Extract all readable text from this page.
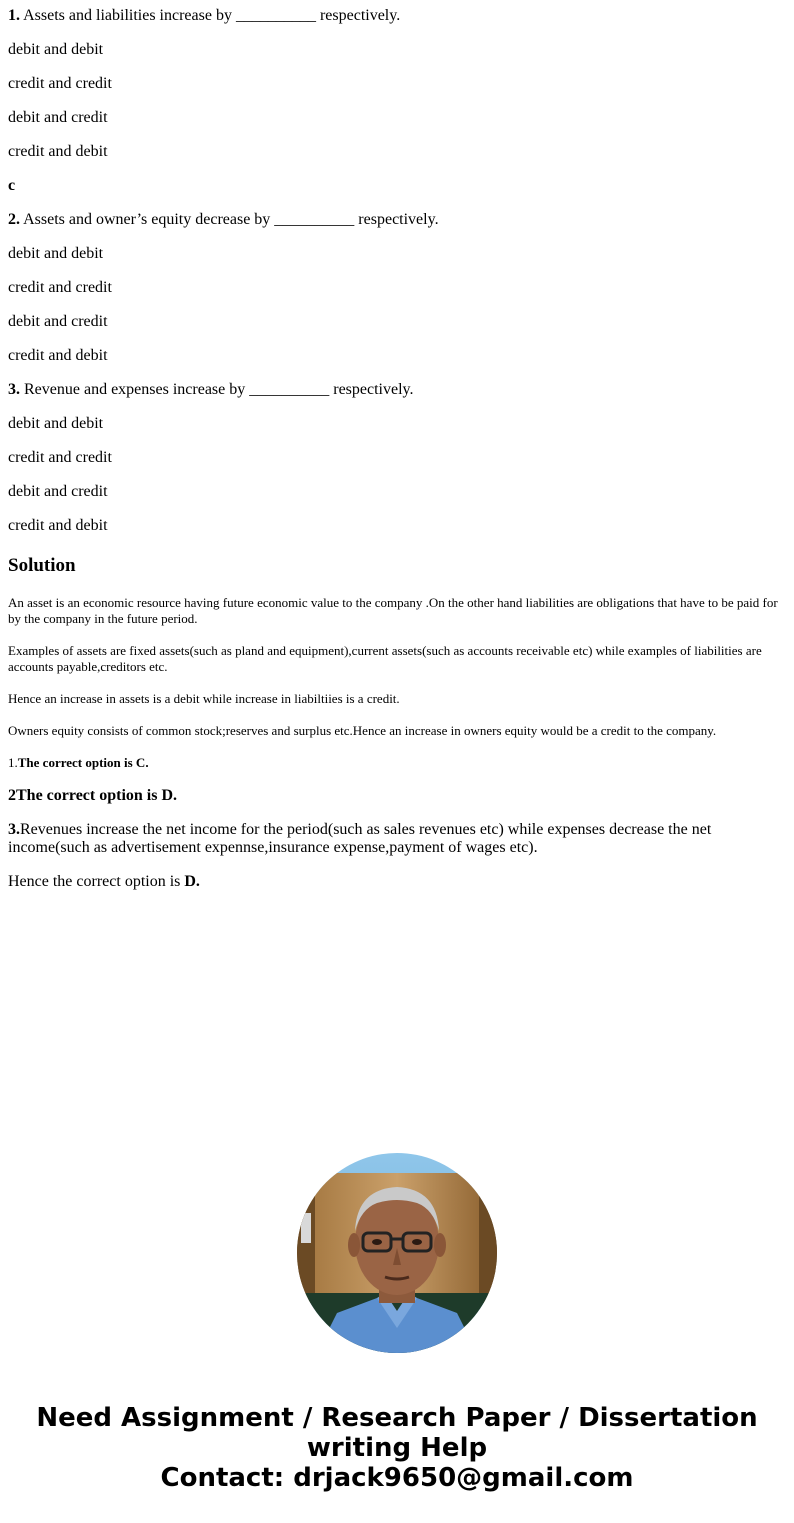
1. Assets and liabilities increase by __________ respectively.

debit and debit

credit and credit

debit and credit

credit and debit

c

2. Assets and owner’s equity decrease by __________ respectively.

debit and debit

credit and credit

debit and credit

credit and debit

3. Revenue and expenses increase by __________ respectively.

debit and debit

credit and credit

debit and credit

credit and debit

Solution

An asset is an economic resource having future economic value to the company .On the other hand liabilities are obligations that have to be paid for by the company in the future period.

Examples of assets are fixed assets(such as pland and equipment),current assets(such as accounts receivable etc) while examples of liabilities are accounts payable,creditors etc.

Hence an increase in assets is a debit while increase in liabiltiies is a credit.

Owners equity consists of common stock;reserves and surplus etc.Hence an increase in owners equity would be a credit to the company.

1.The correct option is C.

2The correct option is D.

3.Revenues increase the net income for the period(such as sales revenues etc) while expenses decrease the net income(such as advertisement expennse,insurance expense,payment of wages etc).

Hence the correct option is D.

Need Assignment / Research Paper / Dissertation
writing Help
Contact: drjack9650@gmail.com
